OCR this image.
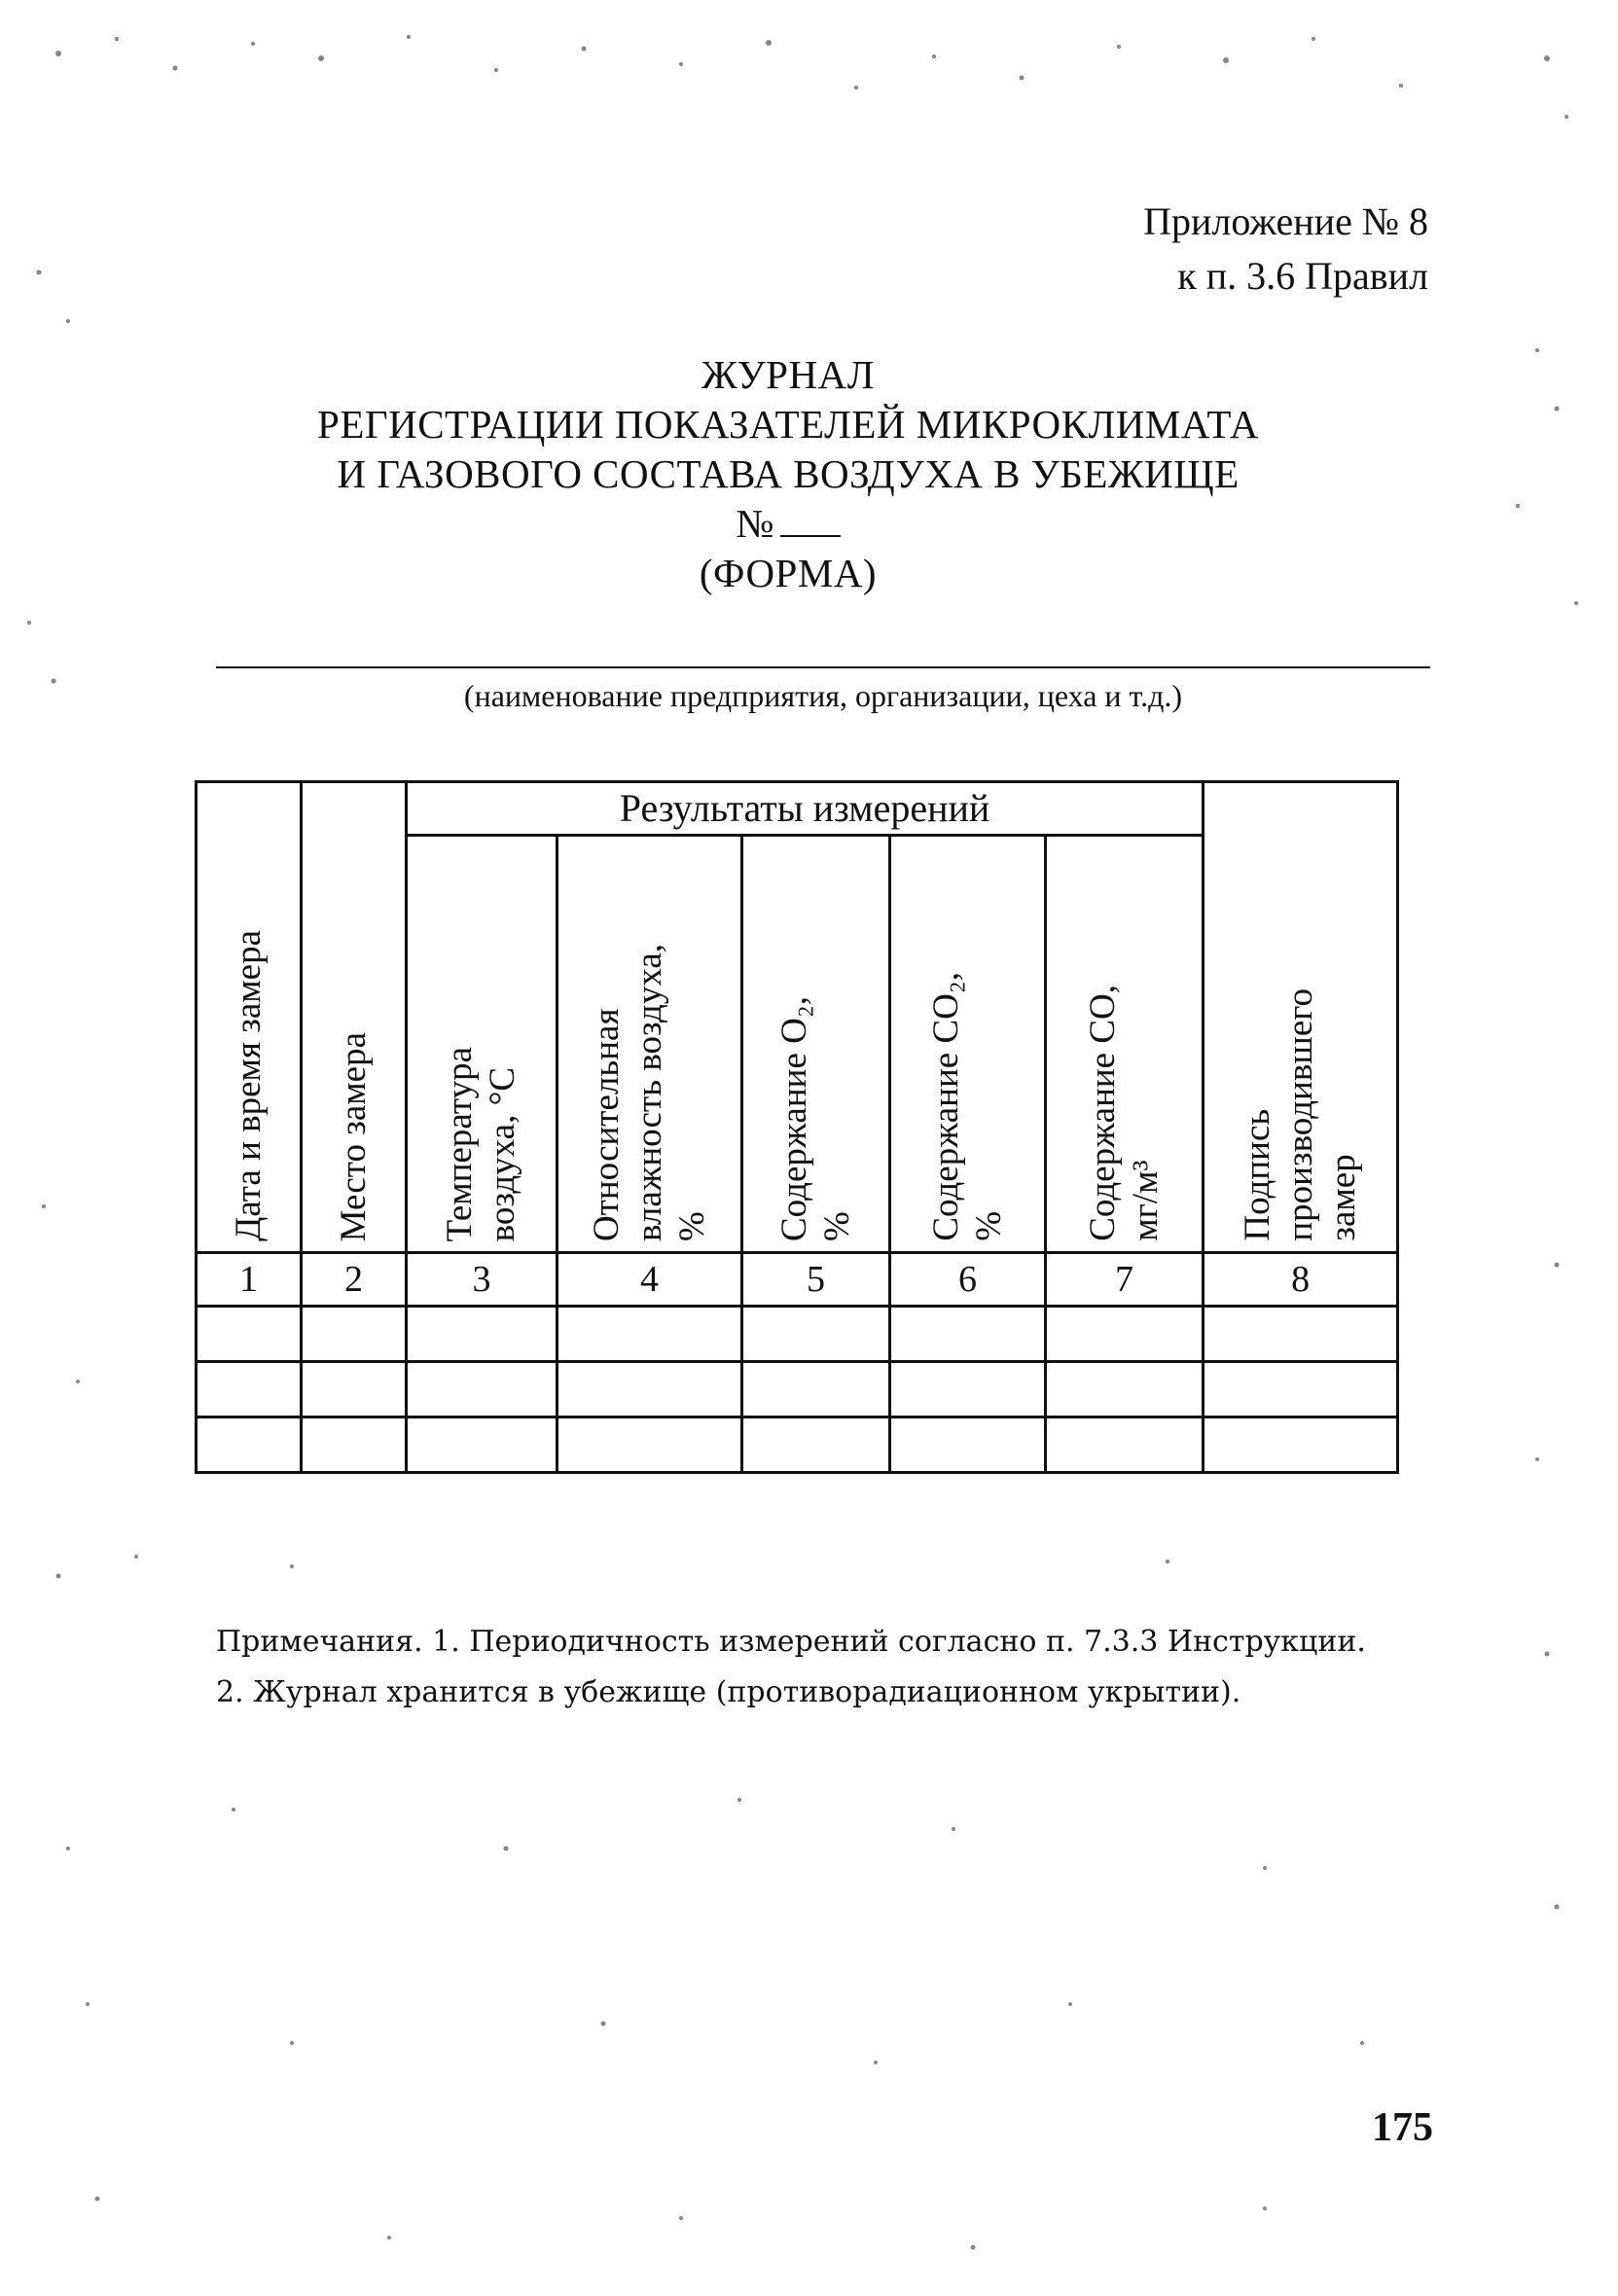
Приложение № 8
к п. 3.6 Правил
ЖУРНАЛ
РЕГИСТРАЦИИ ПОКАЗАТЕЛЕЙ МИКРОКЛИМАТА
И ГАЗОВОГО СОСТАВА ВОЗДУХА В УБЕЖИЩЕ
№
(ФОРМА)
(наименование предприятия, организации, цеха и т.д.)
Дата и время замера	Место замера	Результаты измерений					Подпись производившего замер

		Температура воздуха, °С	Относительная влажность воздуха, %	Содержание О₂, %	Содержание СО₂, %	Содержание СО, мг/м³	

1	2	3	4	5	6	7	8

Примечания. 1. Периодичность измерений согласно п. 7.3.3 Инструкции.
2. Журнал хранится в убежище (противорадиационном укрытии).
175
